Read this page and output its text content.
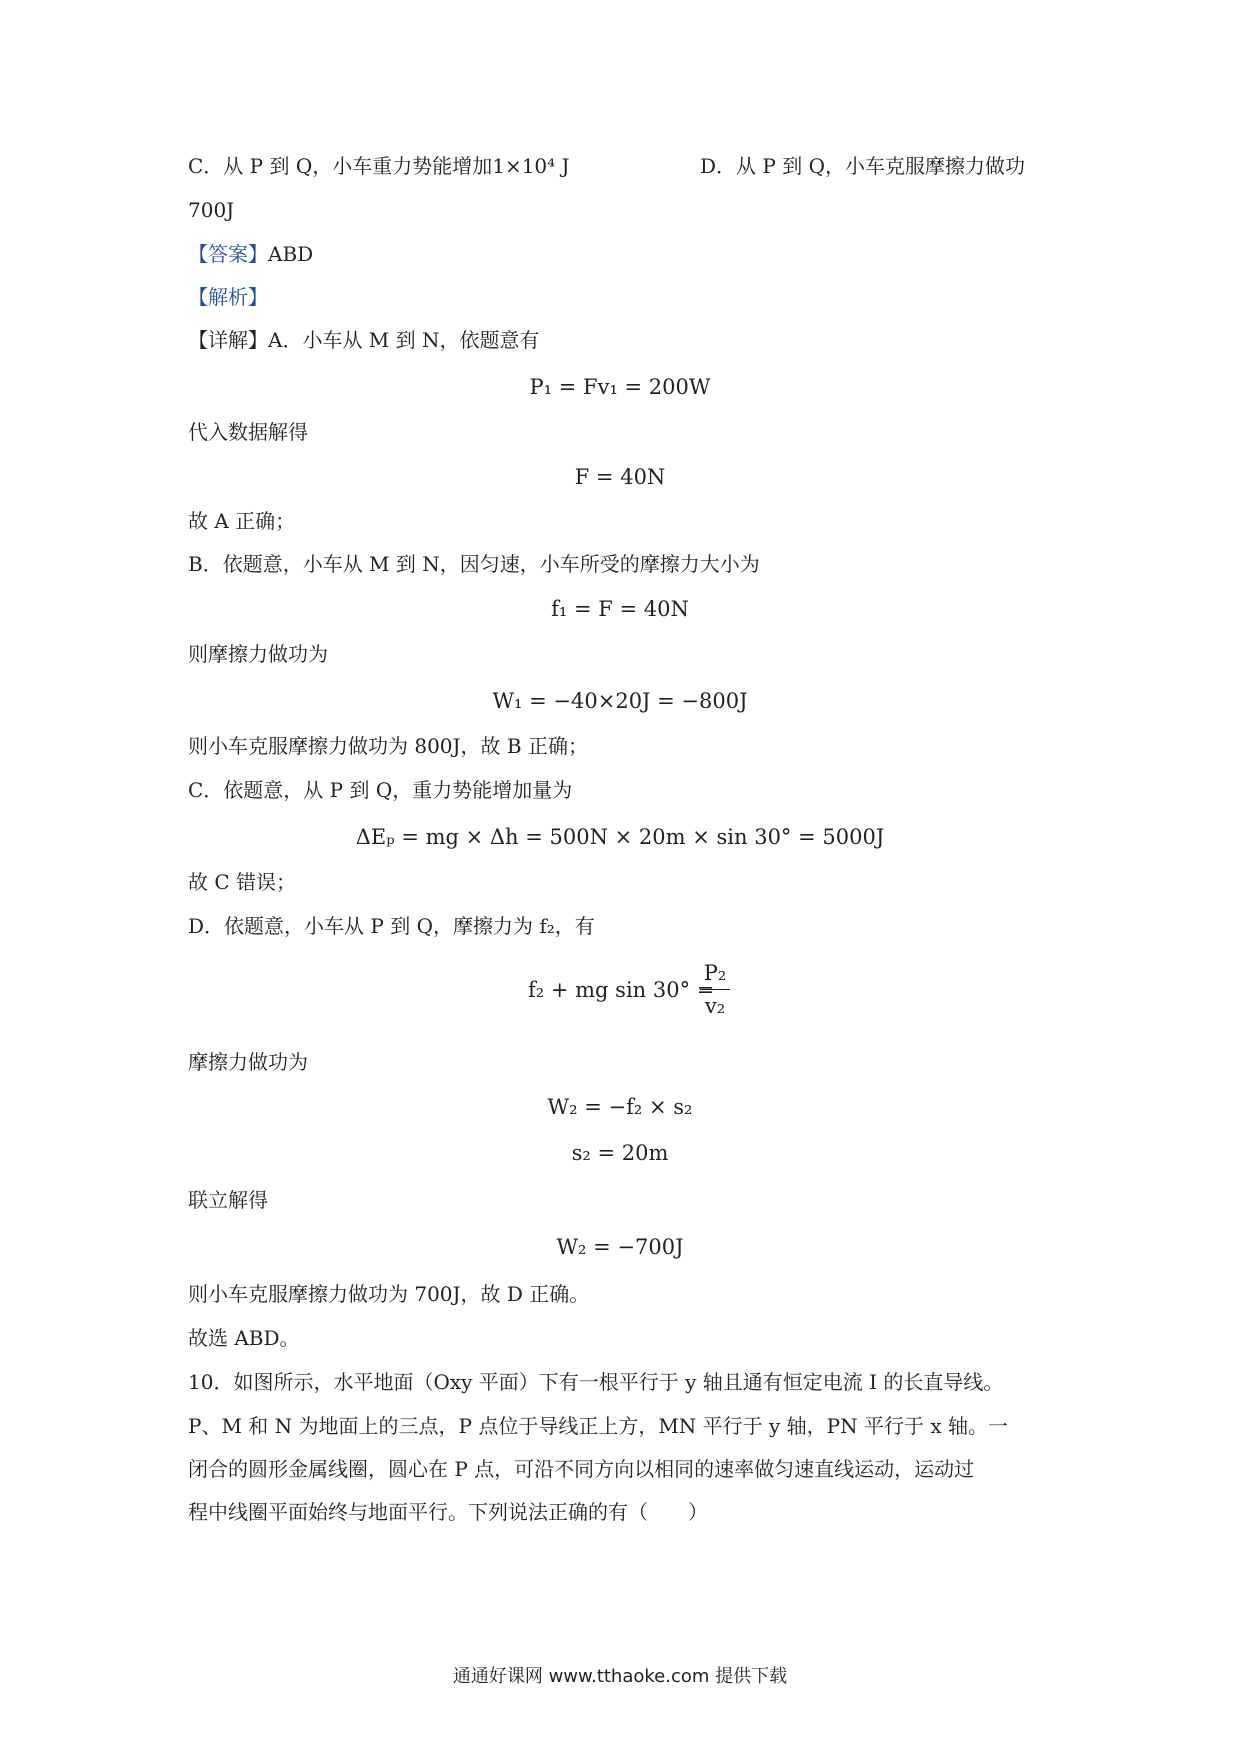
C．从 P 到 Q，小车重力势能增加1×10⁴ J	D．从 P 到 Q，小车克服摩擦力做功
700J
【答案】ABD
【解析】
【详解】A．小车从 M 到 N，依题意有
P₁ = Fv₁ = 200W
代入数据解得
F = 40N
故 A 正确；
B．依题意，小车从 M 到 N，因匀速，小车所受的摩擦力大小为
f₁ = F = 40N
则摩擦力做功为
W₁ = −40×20J = −800J
则小车克服摩擦力做功为 800J，故 B 正确；
C．依题意，从 P 到 Q，重力势能增加量为
ΔEₚ = mg × Δh = 500N × 20m × sin 30° = 5000J
故 C 错误；
D．依题意，小车从 P 到 Q，摩擦力为 f₂，有
f₂ + mg sin 30° =
P₂
v₂
摩擦力做功为
W₂ = −f₂ × s₂
s₂ = 20m
联立解得
W₂ = −700J
则小车克服摩擦力做功为 700J，故 D 正确。
故选 ABD。
10．如图所示，水平地面（Oxy 平面）下有一根平行于 y 轴且通有恒定电流 I 的长直导线。
P、M 和 N 为地面上的三点，P 点位于导线正上方，MN 平行于 y 轴，PN 平行于 x 轴。一
闭合的圆形金属线圈，圆心在 P 点，可沿不同方向以相同的速率做匀速直线运动，运动过
程中线圈平面始终与地面平行。下列说法正确的有（　　）
通通好课网 www.tthaoke.com 提供下载
